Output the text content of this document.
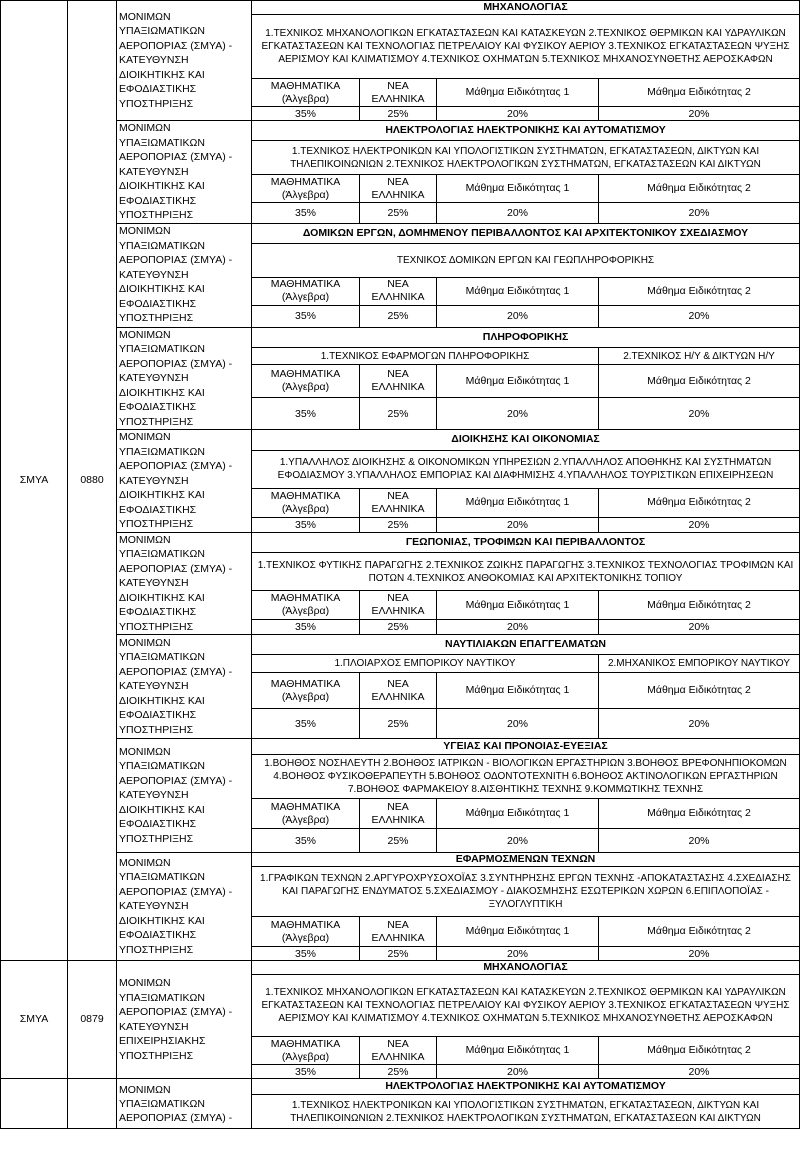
ΣΜΥΑ	0880	ΜΟΝΙΜΩΝ ΥΠΑΞΙΩΜΑΤΙΚΩΝ ΑΕΡΟΠΟΡΙΑΣ (ΣΜΥΑ) - ΚΑΤΕΥΘΥΝΣΗ ΔΙΟΙΚΗΤΙΚΗΣ ΚΑΙ ΕΦΟΔΙΑΣΤΙΚΗΣ ΥΠΟΣΤΗΡΙΞΗΣ	ΜΗΧΑΝΟΛΟΓΙΑΣ			
			1.ΤΕΧΝΙΚΟΣ ΜΗΧΑΝΟΛΟΓΙΚΩΝ ΕΓΚΑΤΑΣΤΑΣΕΩΝ ΚΑΙ ΚΑΤΑΣΚΕΥΩΝ 2.ΤΕΧΝΙΚΟΣ ΘΕΡΜΙΚΩΝ ΚΑΙ ΥΔΡΑΥΛΙΚΩΝ ΕΓΚΑΤΑΣΤΑΣΕΩΝ ΚΑΙ ΤΕΧΝΟΛΟΓΙΑΣ ΠΕΤΡΕΛΑΙΟΥ ΚΑΙ ΦΥΣΙΚΟΥ ΑΕΡΙΟΥ 3.ΤΕΧΝΙΚΟΣ ΕΓΚΑΤΑΣΤΑΣΕΩΝ ΨΥΞΗΣ ΑΕΡΙΣΜΟΥ ΚΑΙ ΚΛΙΜΑΤΙΣΜΟΥ 4.ΤΕΧΝΙΚΟΣ ΟΧΗΜΑΤΩΝ 5.ΤΕΧΝΙΚΟΣ ΜΗΧΑΝΟΣΥΝΘΕΤΗΣ ΑΕΡΟΣΚΑΦΩΝ			
			ΜΑΘΗΜΑΤΙΚΑ (Άλγεβρα)	ΝΕΑ ΕΛΛΗΝΙΚΑ	Μάθημα Ειδικότητας 1	Μάθημα Ειδικότητας 2
			35%	25%	20%	20%
		ΜΟΝΙΜΩΝ ΥΠΑΞΙΩΜΑΤΙΚΩΝ ΑΕΡΟΠΟΡΙΑΣ (ΣΜΥΑ) - ΚΑΤΕΥΘΥΝΣΗ ΔΙΟΙΚΗΤΙΚΗΣ ΚΑΙ ΕΦΟΔΙΑΣΤΙΚΗΣ ΥΠΟΣΤΗΡΙΞΗΣ	ΗΛΕΚΤΡΟΛΟΓΙΑΣ ΗΛΕΚΤΡΟΝΙΚΗΣ ΚΑΙ ΑΥΤΟΜΑΤΙΣΜΟΥ			
			1.ΤΕΧΝΙΚΟΣ ΗΛΕΚΤΡΟΝΙΚΩΝ ΚΑΙ ΥΠΟΛΟΓΙΣΤΙΚΩΝ ΣΥΣΤΗΜΑΤΩΝ, ΕΓΚΑΤΑΣΤΑΣΕΩΝ, ΔΙΚΤΥΩΝ ΚΑΙ ΤΗΛΕΠΙΚΟΙΝΩΝΙΩΝ 2.ΤΕΧΝΙΚΟΣ ΗΛΕΚΤΡΟΛΟΓΙΚΩΝ ΣΥΣΤΗΜΑΤΩΝ, ΕΓΚΑΤΑΣΤΑΣΕΩΝ ΚΑΙ ΔΙΚΤΥΩΝ			
			ΜΑΘΗΜΑΤΙΚΑ (Άλγεβρα)	ΝΕΑ ΕΛΛΗΝΙΚΑ	Μάθημα Ειδικότητας 1	Μάθημα Ειδικότητας 2
			35%	25%	20%	20%
		ΜΟΝΙΜΩΝ ΥΠΑΞΙΩΜΑΤΙΚΩΝ ΑΕΡΟΠΟΡΙΑΣ (ΣΜΥΑ) - ΚΑΤΕΥΘΥΝΣΗ ΔΙΟΙΚΗΤΙΚΗΣ ΚΑΙ ΕΦΟΔΙΑΣΤΙΚΗΣ ΥΠΟΣΤΗΡΙΞΗΣ	ΔΟΜΙΚΩΝ ΕΡΓΩΝ, ΔΟΜΗΜΕΝΟΥ ΠΕΡΙΒΑΛΛΟΝΤΟΣ ΚΑΙ ΑΡΧΙΤΕΚΤΟΝΙΚΟΥ ΣΧΕΔΙΑΣΜΟΥ			
			ΤΕΧΝΙΚΟΣ ΔΟΜΙΚΩΝ ΕΡΓΩΝ ΚΑΙ ΓΕΩΠΛΗΡΟΦΟΡΙΚΗΣ			
			ΜΑΘΗΜΑΤΙΚΑ (Άλγεβρα)	ΝΕΑ ΕΛΛΗΝΙΚΑ	Μάθημα Ειδικότητας 1	Μάθημα Ειδικότητας 2
			35%	25%	20%	20%
		ΜΟΝΙΜΩΝ ΥΠΑΞΙΩΜΑΤΙΚΩΝ ΑΕΡΟΠΟΡΙΑΣ (ΣΜΥΑ) - ΚΑΤΕΥΘΥΝΣΗ ΔΙΟΙΚΗΤΙΚΗΣ ΚΑΙ ΕΦΟΔΙΑΣΤΙΚΗΣ ΥΠΟΣΤΗΡΙΞΗΣ	ΠΛΗΡΟΦΟΡΙΚΗΣ			
			1.ΤΕΧΝΙΚΟΣ ΕΦΑΡΜΟΓΩΝ ΠΛΗΡΟΦΟΡΙΚΗΣ			2.ΤΕΧΝΙΚΟΣ Η/Υ & ΔΙΚΤΥΩΝ Η/Υ
			ΜΑΘΗΜΑΤΙΚΑ (Άλγεβρα)	ΝΕΑ ΕΛΛΗΝΙΚΑ	Μάθημα Ειδικότητας 1	Μάθημα Ειδικότητας 2
			35%	25%	20%	20%
		ΜΟΝΙΜΩΝ ΥΠΑΞΙΩΜΑΤΙΚΩΝ ΑΕΡΟΠΟΡΙΑΣ (ΣΜΥΑ) - ΚΑΤΕΥΘΥΝΣΗ ΔΙΟΙΚΗΤΙΚΗΣ ΚΑΙ ΕΦΟΔΙΑΣΤΙΚΗΣ ΥΠΟΣΤΗΡΙΞΗΣ	ΔΙΟΙΚΗΣΗΣ ΚΑΙ ΟΙΚΟΝΟΜΙΑΣ			
			1.ΥΠΑΛΛΗΛΟΣ ΔΙΟΙΚΗΣΗΣ & ΟΙΚΟΝΟΜΙΚΩΝ ΥΠΗΡΕΣΙΩΝ 2.ΥΠΑΛΛΗΛΟΣ ΑΠΟΘΗΚΗΣ ΚΑΙ ΣΥΣΤΗΜΑΤΩΝ ΕΦΟΔΙΑΣΜΟΥ 3.ΥΠΑΛΛΗΛΟΣ ΕΜΠΟΡΙΑΣ ΚΑΙ ΔΙΑΦΗΜΙΣΗΣ 4.ΥΠΑΛΛΗΛΟΣ ΤΟΥΡΙΣΤΙΚΩΝ ΕΠΙΧΕΙΡΗΣΕΩΝ			
			ΜΑΘΗΜΑΤΙΚΑ (Άλγεβρα)	ΝΕΑ ΕΛΛΗΝΙΚΑ	Μάθημα Ειδικότητας 1	Μάθημα Ειδικότητας 2
			35%	25%	20%	20%
		ΜΟΝΙΜΩΝ ΥΠΑΞΙΩΜΑΤΙΚΩΝ ΑΕΡΟΠΟΡΙΑΣ (ΣΜΥΑ) - ΚΑΤΕΥΘΥΝΣΗ ΔΙΟΙΚΗΤΙΚΗΣ ΚΑΙ ΕΦΟΔΙΑΣΤΙΚΗΣ ΥΠΟΣΤΗΡΙΞΗΣ	ΓΕΩΠΟΝΙΑΣ, ΤΡΟΦΙΜΩΝ ΚΑΙ ΠΕΡΙΒΑΛΛΟΝΤΟΣ			
			1.ΤΕΧΝΙΚΟΣ ΦΥΤΙΚΗΣ ΠΑΡΑΓΩΓΗΣ 2.ΤΕΧΝΙΚΟΣ ΖΩΙΚΗΣ ΠΑΡΑΓΩΓΗΣ 3.ΤΕΧΝΙΚΟΣ ΤΕΧΝΟΛΟΓΙΑΣ ΤΡΟΦΙΜΩΝ ΚΑΙ ΠΟΤΩΝ 4.ΤΕΧΝΙΚΟΣ ΑΝΘΟΚΟΜΙΑΣ ΚΑΙ ΑΡΧΙΤΕΚΤΟΝΙΚΗΣ ΤΟΠΙΟΥ			
			ΜΑΘΗΜΑΤΙΚΑ (Άλγεβρα)	ΝΕΑ ΕΛΛΗΝΙΚΑ	Μάθημα Ειδικότητας 1	Μάθημα Ειδικότητας 2
			35%	25%	20%	20%
		ΜΟΝΙΜΩΝ ΥΠΑΞΙΩΜΑΤΙΚΩΝ ΑΕΡΟΠΟΡΙΑΣ (ΣΜΥΑ) - ΚΑΤΕΥΘΥΝΣΗ ΔΙΟΙΚΗΤΙΚΗΣ ΚΑΙ ΕΦΟΔΙΑΣΤΙΚΗΣ ΥΠΟΣΤΗΡΙΞΗΣ	ΝΑΥΤΙΛΙΑΚΩΝ ΕΠΑΓΓΕΛΜΑΤΩΝ			
			1.ΠΛΟΙΑΡΧΟΣ ΕΜΠΟΡΙΚΟΥ ΝΑΥΤΙΚΟΥ			2.ΜΗΧΑΝΙΚΟΣ ΕΜΠΟΡΙΚΟΥ ΝΑΥΤΙΚΟΥ
			ΜΑΘΗΜΑΤΙΚΑ (Άλγεβρα)	ΝΕΑ ΕΛΛΗΝΙΚΑ	Μάθημα Ειδικότητας 1	Μάθημα Ειδικότητας 2
			35%	25%	20%	20%
		ΜΟΝΙΜΩΝ ΥΠΑΞΙΩΜΑΤΙΚΩΝ ΑΕΡΟΠΟΡΙΑΣ (ΣΜΥΑ) - ΚΑΤΕΥΘΥΝΣΗ ΔΙΟΙΚΗΤΙΚΗΣ ΚΑΙ ΕΦΟΔΙΑΣΤΙΚΗΣ ΥΠΟΣΤΗΡΙΞΗΣ	ΥΓΕΙΑΣ ΚΑΙ ΠΡΟΝΟΙΑΣ-ΕΥΕΞΙΑΣ			
			1.ΒΟΗΘΟΣ ΝΟΣΗΛΕΥΤΗ 2.ΒΟΗΘΟΣ ΙΑΤΡΙΚΩΝ - ΒΙΟΛΟΓΙΚΩΝ ΕΡΓΑΣΤΗΡΙΩΝ 3.ΒΟΗΘΟΣ ΒΡΕΦΟΝΗΠΙΟΚΟΜΩΝ 4.ΒΟΗΘΟΣ ΦΥΣΙΚΟΘΕΡΑΠΕΥΤΗ 5.ΒΟΗΘΟΣ ΟΔΟΝΤΟΤΕΧΝΙΤΗ 6.ΒΟΗΘΟΣ ΑΚΤΙΝΟΛΟΓΙΚΩΝ ΕΡΓΑΣΤΗΡΙΩΝ 7.ΒΟΗΘΟΣ ΦΑΡΜΑΚΕΙΟΥ 8.ΑΙΣΘΗΤΙΚΗΣ ΤΕΧΝΗΣ 9.ΚΟΜΜΩΤΙΚΗΣ ΤΕΧΝΗΣ			
			ΜΑΘΗΜΑΤΙΚΑ (Άλγεβρα)	ΝΕΑ ΕΛΛΗΝΙΚΑ	Μάθημα Ειδικότητας 1	Μάθημα Ειδικότητας 2
			35%	25%	20%	20%
		ΜΟΝΙΜΩΝ ΥΠΑΞΙΩΜΑΤΙΚΩΝ ΑΕΡΟΠΟΡΙΑΣ (ΣΜΥΑ) - ΚΑΤΕΥΘΥΝΣΗ ΔΙΟΙΚΗΤΙΚΗΣ ΚΑΙ ΕΦΟΔΙΑΣΤΙΚΗΣ ΥΠΟΣΤΗΡΙΞΗΣ	ΕΦΑΡΜΟΣΜΕΝΩΝ ΤΕΧΝΩΝ			
			1.ΓΡΑΦΙΚΩΝ ΤΕΧΝΩΝ 2.ΑΡΓΥΡΟΧΡΥΣΟΧΟΪΑΣ 3.ΣΥΝΤΗΡΗΣΗΣ ΕΡΓΩΝ ΤΕΧΝΗΣ -ΑΠΟΚΑΤΑΣΤΑΣΗΣ 4.ΣΧΕΔΙΑΣΗΣ ΚΑΙ ΠΑΡΑΓΩΓΗΣ ΕΝΔΥΜΑΤΟΣ 5.ΣΧΕΔΙΑΣΜΟΥ - ΔΙΑΚΟΣΜΗΣΗΣ ΕΣΩΤΕΡΙΚΩΝ ΧΩΡΩΝ 6.ΕΠΙΠΛΟΠΟΪΑΣ - ΞΥΛΟΓΛΥΠΤΙΚΗ			
			ΜΑΘΗΜΑΤΙΚΑ (Άλγεβρα)	ΝΕΑ ΕΛΛΗΝΙΚΑ	Μάθημα Ειδικότητας 1	Μάθημα Ειδικότητας 2
			35%	25%	20%	20%
ΣΜΥΑ	0879	ΜΟΝΙΜΩΝ ΥΠΑΞΙΩΜΑΤΙΚΩΝ ΑΕΡΟΠΟΡΙΑΣ (ΣΜΥΑ) - ΚΑΤΕΥΘΥΝΣΗ ΕΠΙΧΕΙΡΗΣΙΑΚΗΣ ΥΠΟΣΤΗΡΙΞΗΣ	ΜΗΧΑΝΟΛΟΓΙΑΣ			
			1.ΤΕΧΝΙΚΟΣ ΜΗΧΑΝΟΛΟΓΙΚΩΝ ΕΓΚΑΤΑΣΤΑΣΕΩΝ ΚΑΙ ΚΑΤΑΣΚΕΥΩΝ 2.ΤΕΧΝΙΚΟΣ ΘΕΡΜΙΚΩΝ ΚΑΙ ΥΔΡΑΥΛΙΚΩΝ ΕΓΚΑΤΑΣΤΑΣΕΩΝ ΚΑΙ ΤΕΧΝΟΛΟΓΙΑΣ ΠΕΤΡΕΛΑΙΟΥ ΚΑΙ ΦΥΣΙΚΟΥ ΑΕΡΙΟΥ 3.ΤΕΧΝΙΚΟΣ ΕΓΚΑΤΑΣΤΑΣΕΩΝ ΨΥΞΗΣ ΑΕΡΙΣΜΟΥ ΚΑΙ ΚΛΙΜΑΤΙΣΜΟΥ 4.ΤΕΧΝΙΚΟΣ ΟΧΗΜΑΤΩΝ 5.ΤΕΧΝΙΚΟΣ ΜΗΧΑΝΟΣΥΝΘΕΤΗΣ ΑΕΡΟΣΚΑΦΩΝ			
			ΜΑΘΗΜΑΤΙΚΑ (Άλγεβρα)	ΝΕΑ ΕΛΛΗΝΙΚΑ	Μάθημα Ειδικότητας 1	Μάθημα Ειδικότητας 2
			35%	25%	20%	20%
		ΜΟΝΙΜΩΝ ΥΠΑΞΙΩΜΑΤΙΚΩΝ ΑΕΡΟΠΟΡΙΑΣ (ΣΜΥΑ) -	ΗΛΕΚΤΡΟΛΟΓΙΑΣ ΗΛΕΚΤΡΟΝΙΚΗΣ ΚΑΙ ΑΥΤΟΜΑΤΙΣΜΟΥ			
			1.ΤΕΧΝΙΚΟΣ ΗΛΕΚΤΡΟΝΙΚΩΝ ΚΑΙ ΥΠΟΛΟΓΙΣΤΙΚΩΝ ΣΥΣΤΗΜΑΤΩΝ, ΕΓΚΑΤΑΣΤΑΣΕΩΝ, ΔΙΚΤΥΩΝ ΚΑΙ ΤΗΛΕΠΙΚΟΙΝΩΝΙΩΝ 2.ΤΕΧΝΙΚΟΣ ΗΛΕΚΤΡΟΛΟΓΙΚΩΝ ΣΥΣΤΗΜΑΤΩΝ, ΕΓΚΑΤΑΣΤΑΣΕΩΝ ΚΑΙ ΔΙΚΤΥΩΝ			
